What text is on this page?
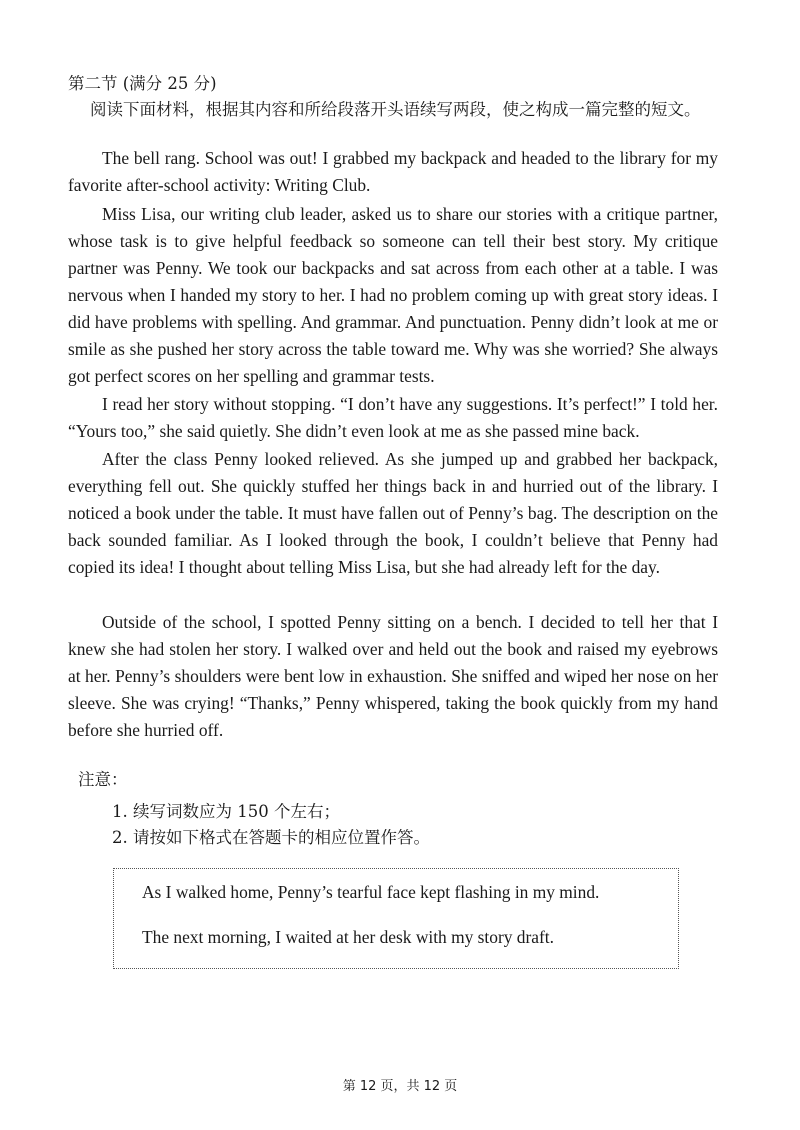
第二节 (满分 25 分)

阅读下面材料，根据其内容和所给段落开头语续写两段，使之构成一篇完整的短文。

The bell rang. School was out! I grabbed my backpack and headed to the library for my favorite after-school activity: Writing Club.

Miss Lisa, our writing club leader, asked us to share our stories with a critique partner, whose task is to give helpful feedback so someone can tell their best story. My critique partner was Penny. We took our backpacks and sat across from each other at a table. I was nervous when I handed my story to her. I had no problem coming up with great story ideas. I did have problems with spelling. And grammar. And punctuation. Penny didn’t look at me or smile as she pushed her story across the table toward me. Why was she worried? She always got perfect scores on her spelling and grammar tests.

I read her story without stopping. “I don’t have any suggestions. It’s perfect!” I told her. “Yours too,” she said quietly. She didn’t even look at me as she passed mine back.

After the class Penny looked relieved. As she jumped up and grabbed her backpack, everything fell out. She quickly stuffed her things back in and hurried out of the library. I noticed a book under the table. It must have fallen out of Penny’s bag. The description on the back sounded familiar. As I looked through the book, I couldn’t believe that Penny had copied its idea! I thought about telling Miss Lisa, but she had already left for the day.

Outside of the school, I spotted Penny sitting on a bench. I decided to tell her that I knew she had stolen her story. I walked over and held out the book and raised my eyebrows at her. Penny’s shoulders were bent low in exhaustion. She sniffed and wiped her nose on her sleeve. She was crying! “Thanks,” Penny whispered, taking the book quickly from my hand before she hurried off.

注意：
1. 续写词数应为 150 个左右；
2. 请按如下格式在答题卡的相应位置作答。
As I walked home, Penny’s tearful face kept flashing in my mind.
The next morning, I waited at her desk with my story draft.
第 12 页，共 12 页
